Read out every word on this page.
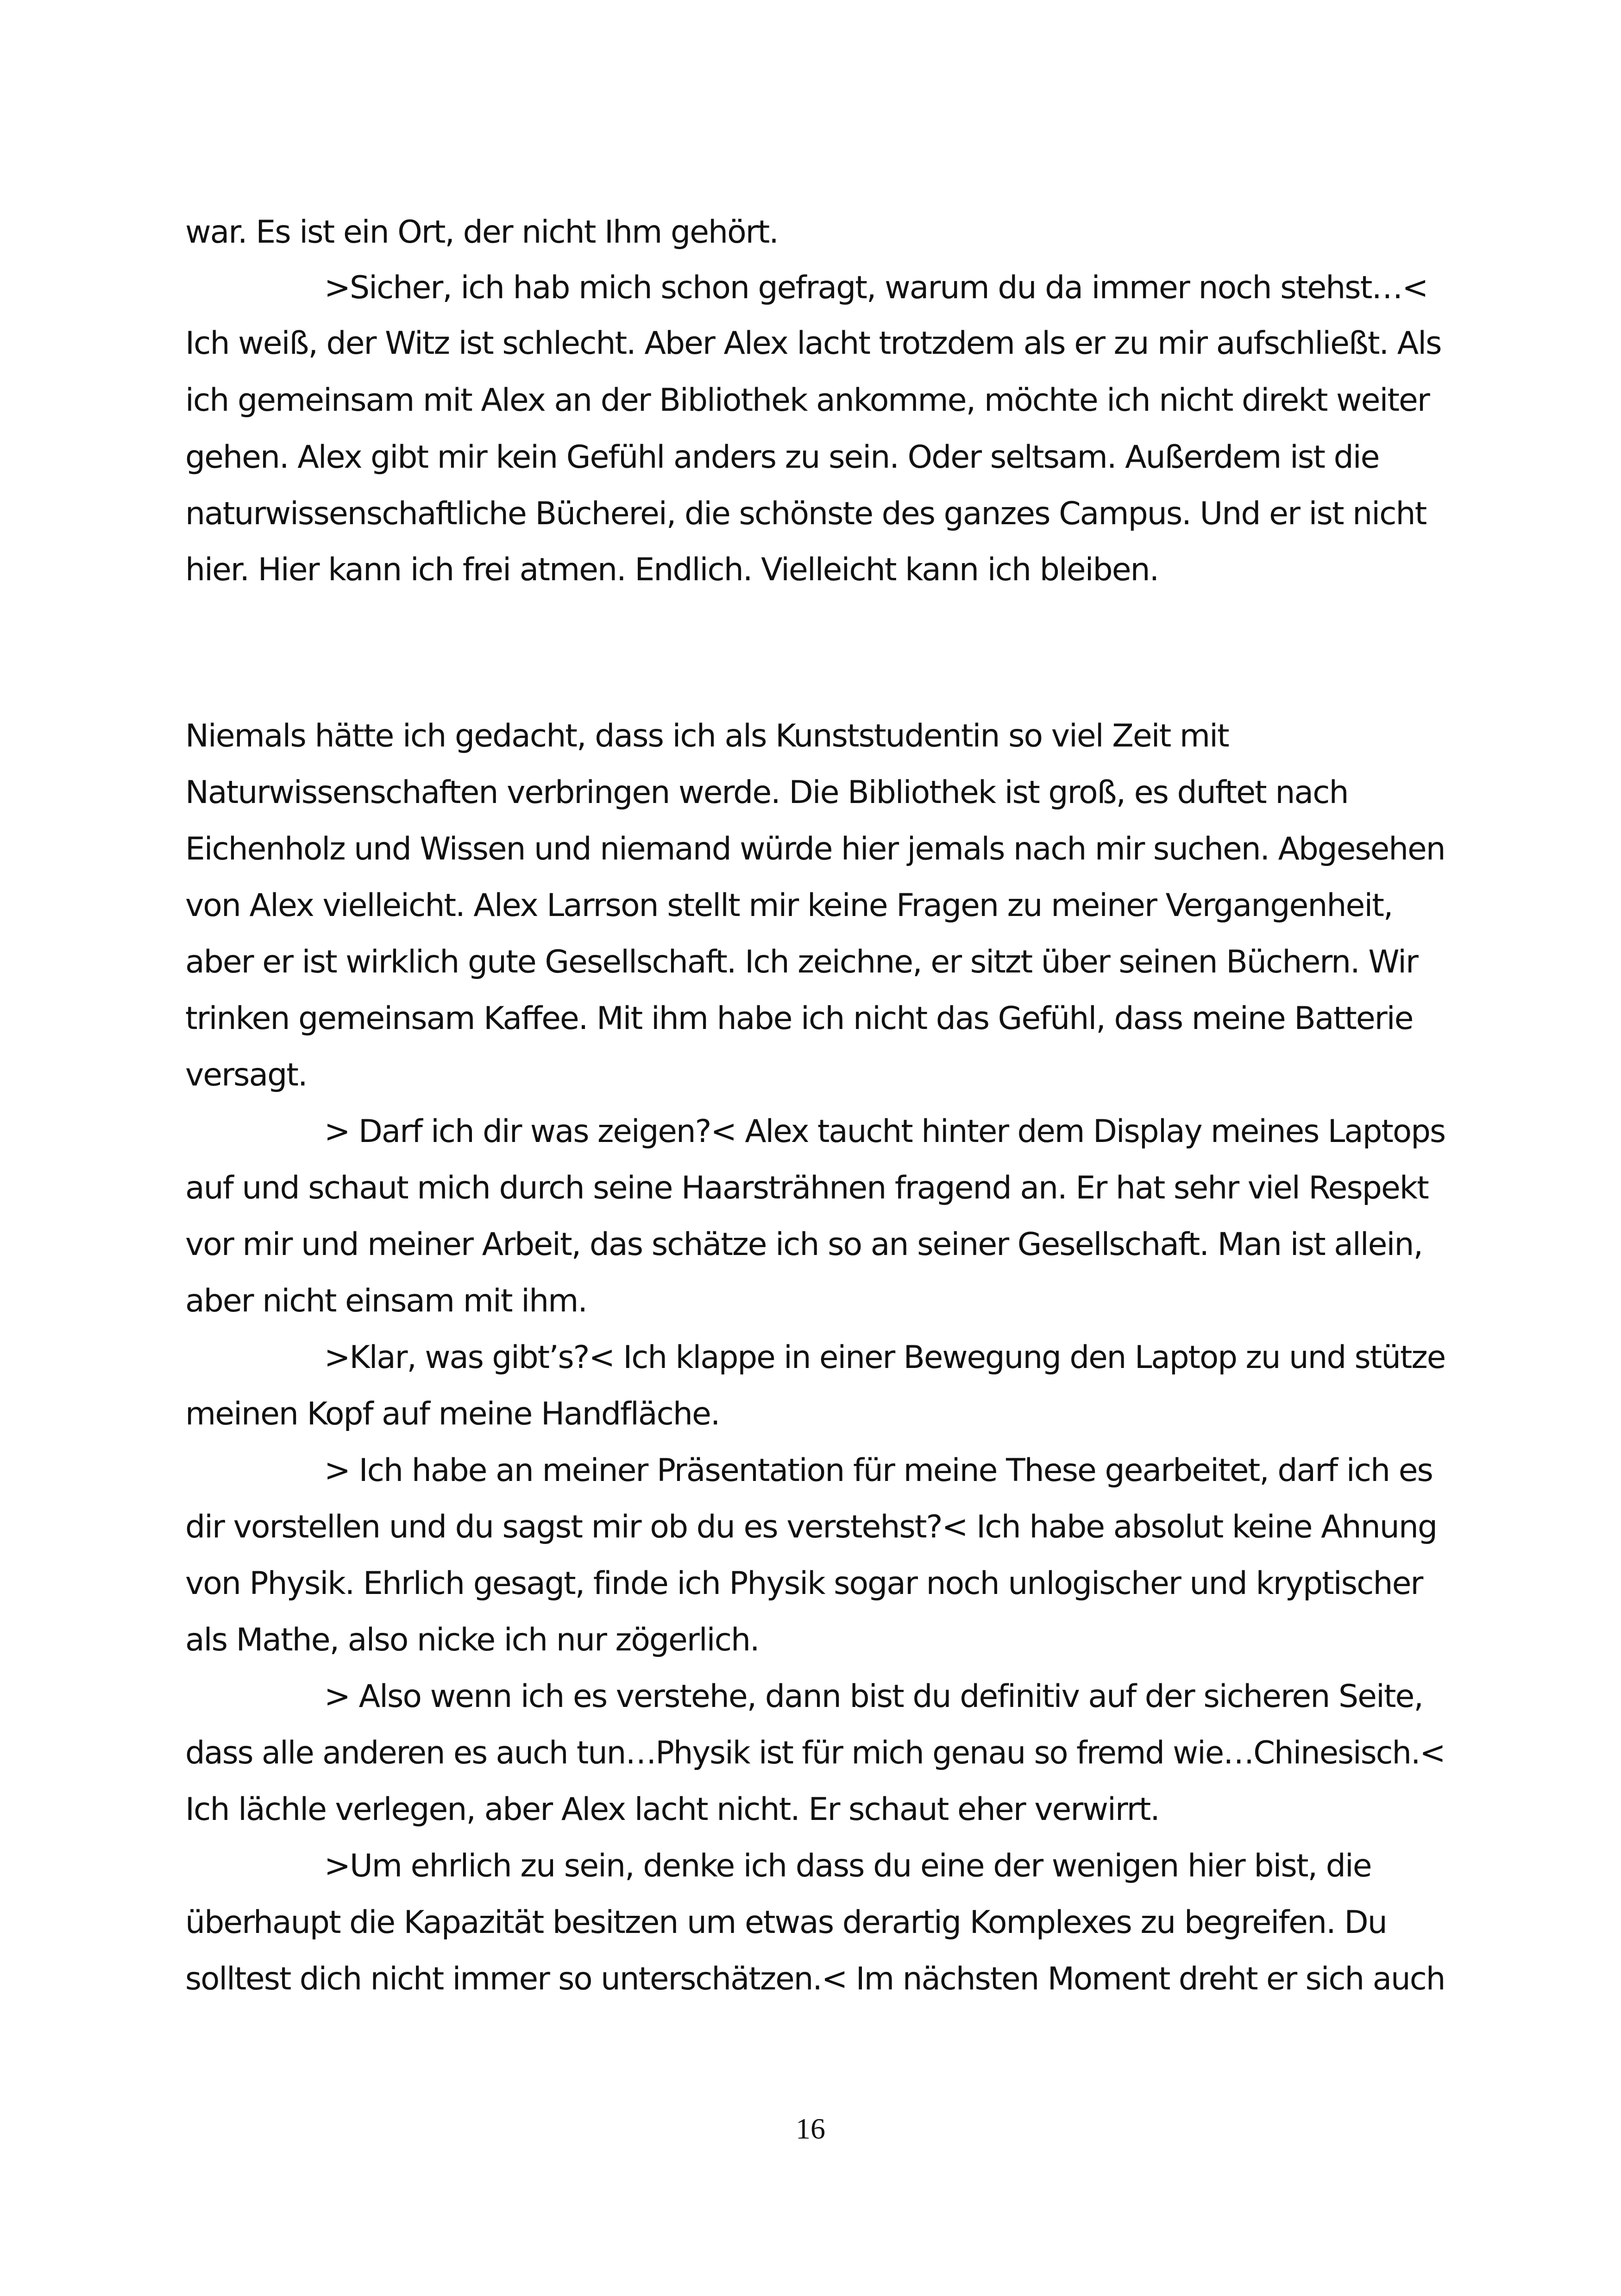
war. Es ist ein Ort, der nicht Ihm gehört.

>Sicher, ich hab mich schon gefragt, warum du da immer noch stehst…<

Ich weiß, der Witz ist schlecht. Aber Alex lacht trotzdem als er zu mir aufschließt. Als

ich gemeinsam mit Alex an der Bibliothek ankomme, möchte ich nicht direkt weiter

gehen. Alex gibt mir kein Gefühl anders zu sein. Oder seltsam. Außerdem ist die

naturwissenschaftliche Bücherei, die schönste des ganzes Campus. Und er ist nicht

hier. Hier kann ich frei atmen. Endlich. Vielleicht kann ich bleiben.

Niemals hätte ich gedacht, dass ich als Kunststudentin so viel Zeit mit

Naturwissenschaften verbringen werde. Die Bibliothek ist groß, es duftet nach

Eichenholz und Wissen und niemand würde hier jemals nach mir suchen. Abgesehen

von Alex vielleicht. Alex Larrson stellt mir keine Fragen zu meiner Vergangenheit,

aber er ist wirklich gute Gesellschaft. Ich zeichne, er sitzt über seinen Büchern. Wir

trinken gemeinsam Kaffee. Mit ihm habe ich nicht das Gefühl, dass meine Batterie

versagt.

> Darf ich dir was zeigen?< Alex taucht hinter dem Display meines Laptops

auf und schaut mich durch seine Haarsträhnen fragend an. Er hat sehr viel Respekt

vor mir und meiner Arbeit, das schätze ich so an seiner Gesellschaft. Man ist allein,

aber nicht einsam mit ihm.

>Klar, was gibt’s?< Ich klappe in einer Bewegung den Laptop zu und stütze

meinen Kopf auf meine Handfläche.

> Ich habe an meiner Präsentation für meine These gearbeitet, darf ich es

dir vorstellen und du sagst mir ob du es verstehst?< Ich habe absolut keine Ahnung

von Physik. Ehrlich gesagt, finde ich Physik sogar noch unlogischer und kryptischer

als Mathe, also nicke ich nur zögerlich.

> Also wenn ich es verstehe, dann bist du definitiv auf der sicheren Seite,

dass alle anderen es auch tun…Physik ist für mich genau so fremd wie…Chinesisch.<

Ich lächle verlegen, aber Alex lacht nicht. Er schaut eher verwirrt.

>Um ehrlich zu sein, denke ich dass du eine der wenigen hier bist, die

überhaupt die Kapazität besitzen um etwas derartig Komplexes zu begreifen. Du

solltest dich nicht immer so unterschätzen.< Im nächsten Moment dreht er sich auch

16
